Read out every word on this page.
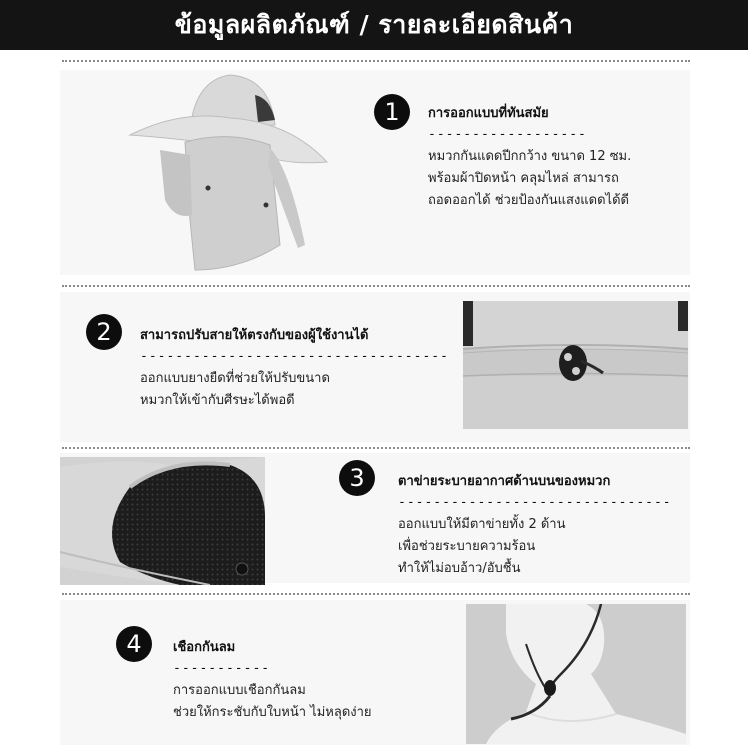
ข้อมูลผลิตภัณฑ์ / รายละเอียดสินค้า
1 การออกแบบที่ทันสมัย
------------------
หมวกกันแดดปีกกว้าง ขนาด 12 ซม.
พร้อมผ้าปิดหน้า คลุมไหล่ สามารถ
ถอดออกได้ ช่วยป้องกันแสงแดดได้ดี
2 สามารถปรับสายให้ตรงกับของผู้ใช้งานได้
-----------------------------------
ออกแบบยางยืดที่ช่วยให้ปรับขนาด
หมวกให้เข้ากับศีรษะได้พอดี
3	ตาข่ายระบายอากาศด้านบนของหมวก
-------------------------------
ออกแบบให้มีตาข่ายทั้ง 2 ด้าน
เพื่อช่วยระบายความร้อน
ทำให้ไม่อบอ้าว/อับชื้น
4 เชือกกันลม
-----------
การออกแบบเชือกกันลม
ช่วยให้กระชับกับใบหน้า ไม่หลุดง่าย
